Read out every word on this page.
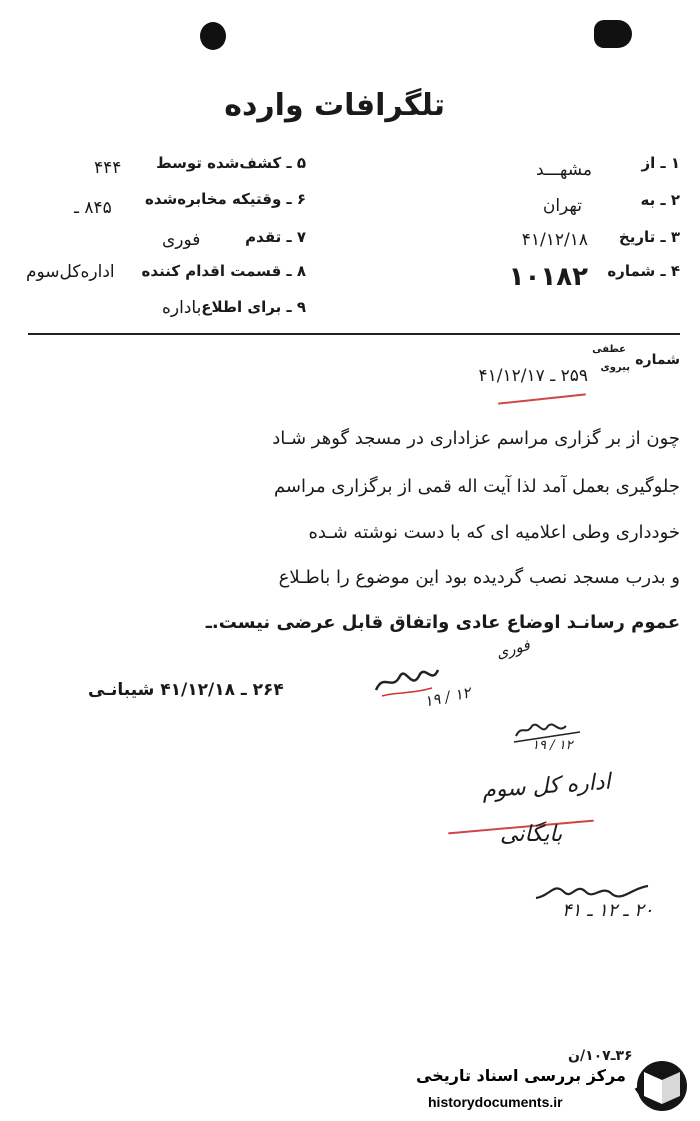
تلگرافات وارده
۱ ـ از
مشهـــد
۲ ـ به
تهران
۳ ـ تاریخ
۴۱/۱۲/۱۸
۴ ـ شماره
۱۰۱۸۲
۵ ـ کشف‌شده توسط
۴۴۴
۶ ـ وقتیکه مخابره‌شده
۸۴۵ ـ
۷ ـ تقدم
فوری
۸ ـ قسمت اقدام کننده
اداره‌کل‌سوم
۹ ـ برای اطلاع
باداره
شماره
عطفی
پیروی
۲۵۹ ـ ۴۱/۱۲/۱۷
چون از بر گزاری مراسم عزاداری در مسجد گوهر شـاد
جلوگیری بعمل آمد لذا آیت اله قمی از برگزاری مراسم
خودداری وطی اعلامیه ای که با دست نوشته شـده
و بدرب مسجد نصب گردیده بود این موضوع را باطـلاع
عموم رسانـد اوضاع عادی واتفاق قابل عرضی نیست.ـ
فوری
۲۶۴ ـ ۴۱/۱۲/۱۸ شیبانـی	۱۹ / ۱۲
۱۹ / ۱۲
اداره کل سوم
بایگانی
۲۰ ـ ۱۲ ـ ۴۱
۳۶ـ۱۰۷/ن
مرکز بررسی اسناد تاریخی
historydocuments.ir
